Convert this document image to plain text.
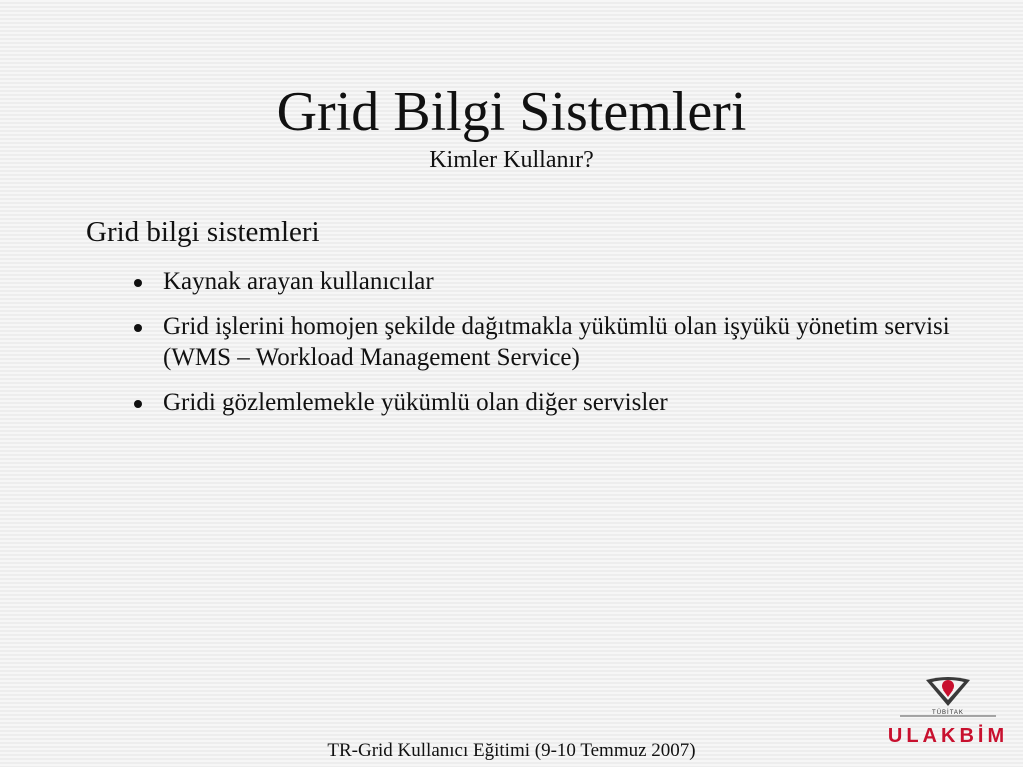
Grid Bilgi Sistemleri
Kimler Kullanır?
Grid bilgi sistemleri
Kaynak arayan kullanıcılar
Grid işlerini homojen şekilde dağıtmakla yükümlü olan işyükü yönetim servisi (WMS – Workload Management Service)
Gridi gözlemlemekle yükümlü olan diğer servisler
TÜBİTAK
ULAKBİM
TR-Grid Kullanıcı Eğitimi (9-10 Temmuz 2007)
